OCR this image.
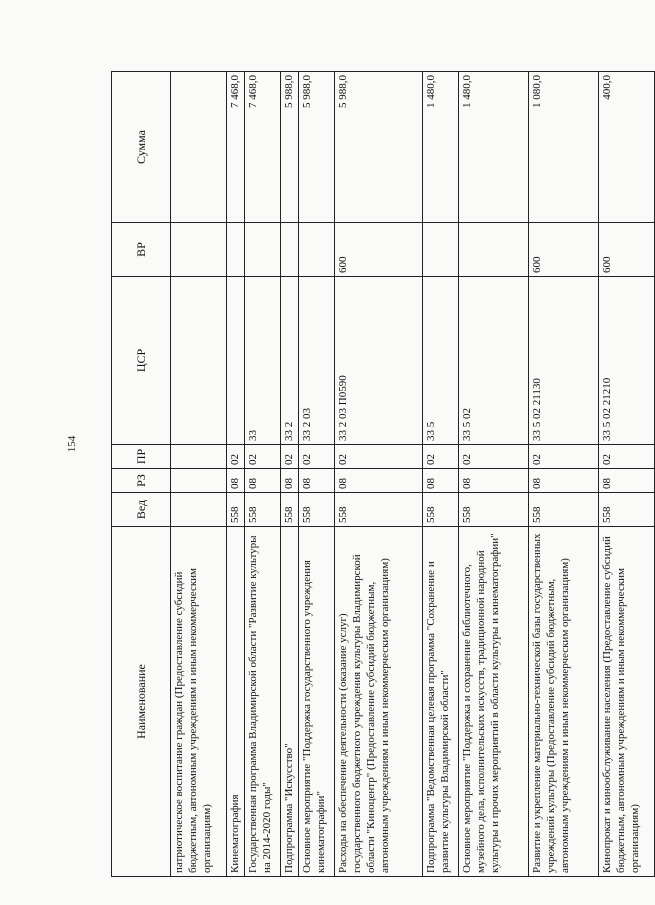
154
Наименование	Вед	РЗ	ПР	ЦСР	ВР	Сумма
патриотическое воспитание граждан (Предоставление субсидий бюджетным, автономным учреждениям и иным некоммерческим организациям)						
Кинематография	558	08	02			7 468,0
Государственная программа Владимирской области "Развитие культуры на 2014-2020 годы"	558	08	02	33		7 468,0
Подпрограмма "Искусство"	558	08	02	33 2		5 988,0
Основное мероприятие "Поддержка государственного учреждения кинематографии"	558	08	02	33 2 03		5 988,0
Расходы на обеспечение деятельности (оказание услуг) государственного бюджетного учреждения культуры Владимирской области "Киноцентр" (Предоставление субсидий бюджетным, автономным учреждениям и иным некоммерческим организациям)	558	08	02	33 2 03 П0590	600	5 988,0
Подпрограмма "Ведомственная целевая программа "Сохранение и развитие культуры Владимирской области"	558	08	02	33 5		1 480,0
Основное мероприятие "Поддержка и сохранение библиотечного, музейного дела, исполнительских искусств, традиционной народной культуры и прочих мероприятий в области культуры и кинематографии"	558	08	02	33 5 02		1 480,0
Развитие и укрепление материально-технической базы государственных учреждений культуры (Предоставление субсидий бюджетным, автономным учреждениям и иным некоммерческим организациям)	558	08	02	33 5 02 21130	600	1 080,0
Кинопрокат и кинообслуживание населения (Предоставление субсидий бюджетным, автономным учреждениям и иным некоммерческим организациям)	558	08	02	33 5 02 21210	600	400,0
